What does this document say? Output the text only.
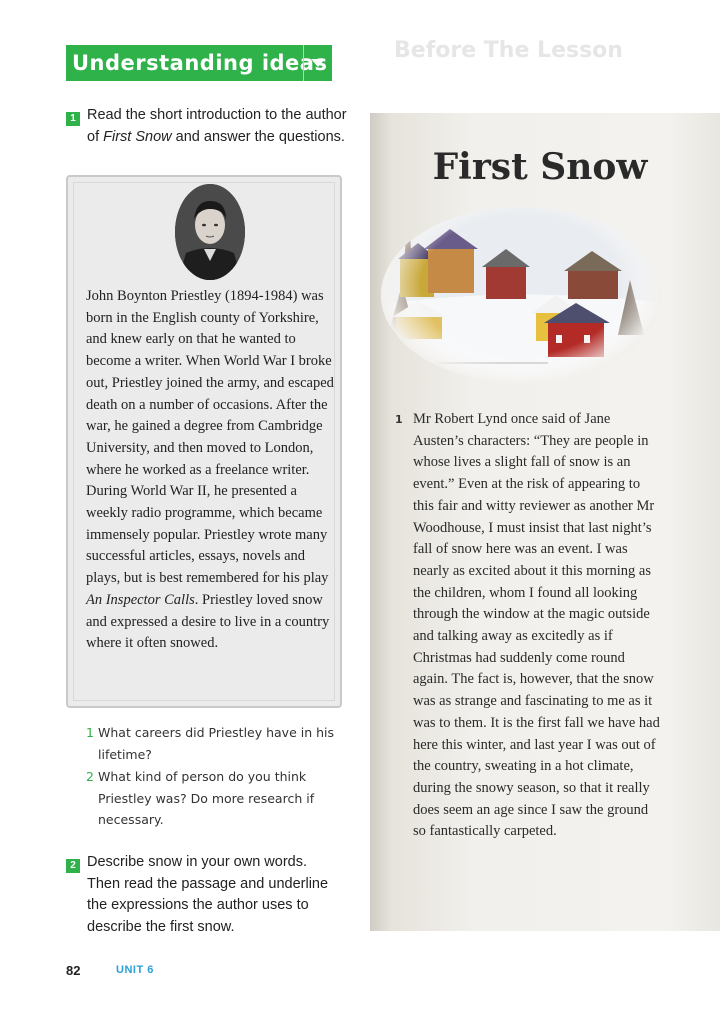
Understanding ideas	Before The Lesson
1 Read the short introduction to the author of First Snow and answer the questions.
John Boynton Priestley (1894-1984) was born in the English county of Yorkshire, and knew early on that he wanted to become a writer. When World War I broke out, Priestley joined the army, and escaped death on a number of occasions. After the war, he gained a degree from Cambridge University, and then moved to London, where he worked as a freelance writer. During World War II, he presented a weekly radio programme, which became immensely popular. Priestley wrote many successful articles, essays, novels and plays, but is best remembered for his play An Inspector Calls. Priestley loved snow and expressed a desire to live in a country where it often snowed.
1 What careers did Priestley have in his lifetime?
2 What kind of person do you think Priestley was? Do more research if necessary.
2 Describe snow in your own words. Then read the passage and underline the expressions the author uses to describe the first snow.
82	UNIT 6
First Snow
1 Mr Robert Lynd once said of Jane Austen’s characters: “They are people in whose lives a slight fall of snow is an event.” Even at the risk of appearing to this fair and witty reviewer as another Mr Woodhouse, I must insist that last night’s fall of snow here was an event. I was nearly as excited about it this morning as the children, whom I found all looking through the window at the magic outside and talking away as excitedly as if Christmas had suddenly come round again. The fact is, however, that the snow was as strange and fascinating to me as it was to them. It is the first fall we have had here this winter, and last year I was out of the country, sweating in a hot climate, during the snowy season, so that it really does seem an age since I saw the ground so fantastically carpeted.
